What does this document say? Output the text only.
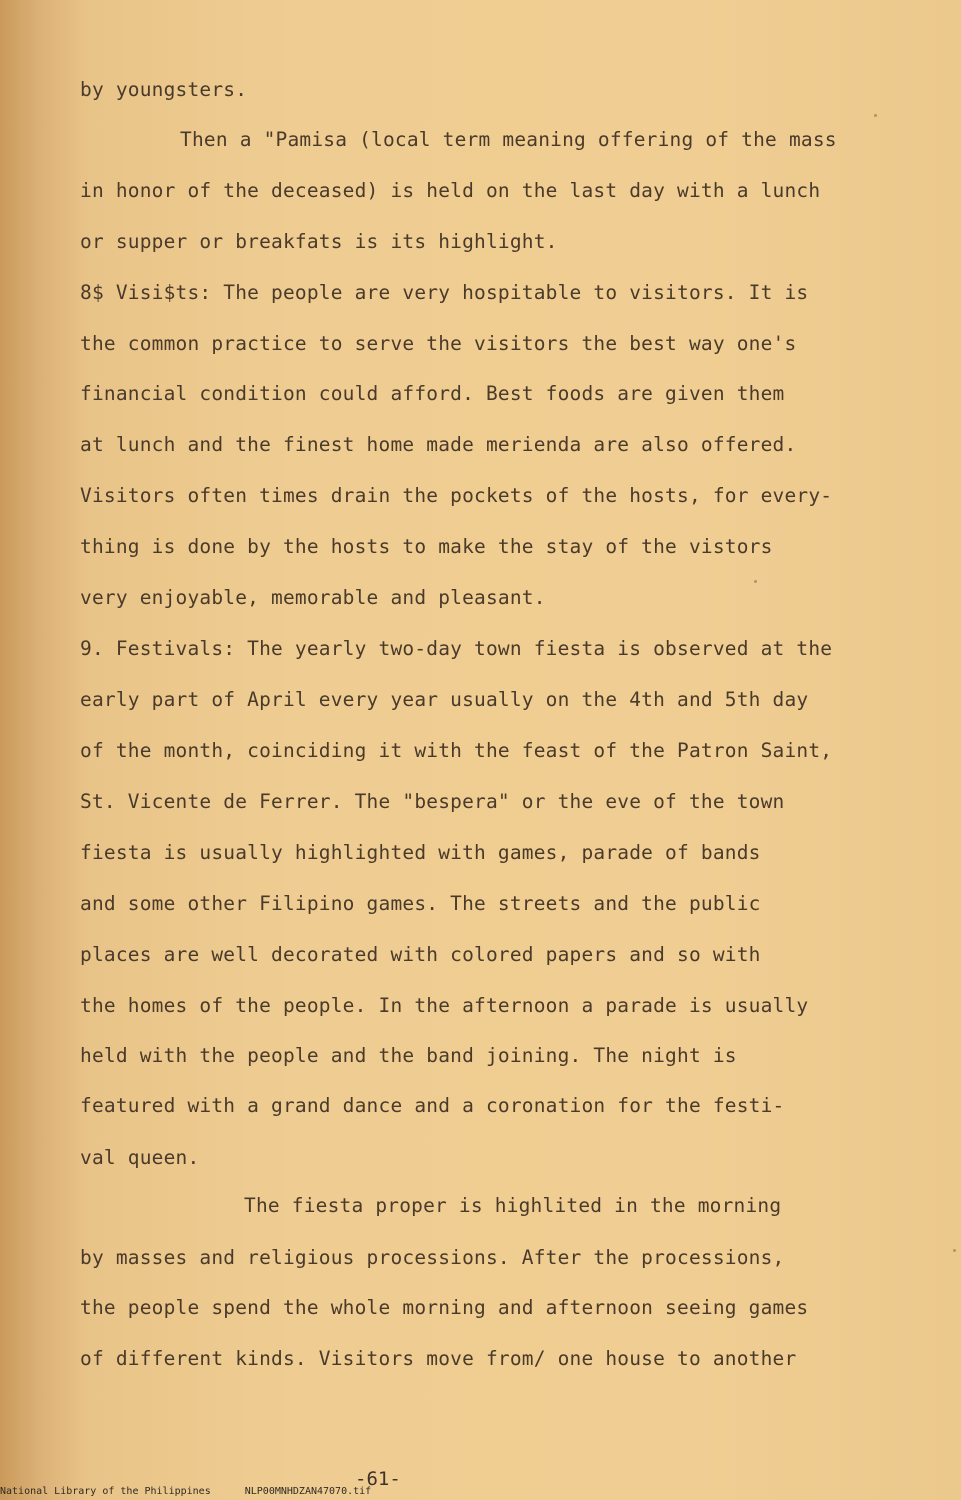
by youngsters.
Then a "Pamisa (local term meaning offering of the mass
in honor of the deceased) is held on the last day with a lunch
or supper or breakfats is its highlight.
8$ Visi$ts: The people are very hospitable to visitors. It is
the common practice to serve the visitors the best way one's
financial condition could afford. Best foods are given them
at lunch and the finest home made merienda are also offered.
Visitors often times drain the pockets of the hosts, for every-
thing is done by the hosts to make the stay of the vistors
very enjoyable, memorable and pleasant.
9. Festivals: The yearly two-day town fiesta is observed at the
early part of April every year usually on the 4th and 5th day
of the month, coinciding it with the feast of the Patron Saint,
St. Vicente de Ferrer. The "bespera" or the eve of the town
fiesta is usually highlighted with games, parade of bands
and some other Filipino games. The streets and the public
places are well decorated with colored papers and so with
the homes of the people. In the afternoon a parade is usually
held with the people and the band joining. The night is
featured with a grand dance and a coronation for the festi-
val queen.
The fiesta proper is highlited in the morning
by masses and religious processions. After the processions,
the people spend the whole morning and afternoon seeing games
of different kinds. Visitors move from/ one house to another
-61-
National Library of the Philippines	NLP00MNHDZAN47070.tif
